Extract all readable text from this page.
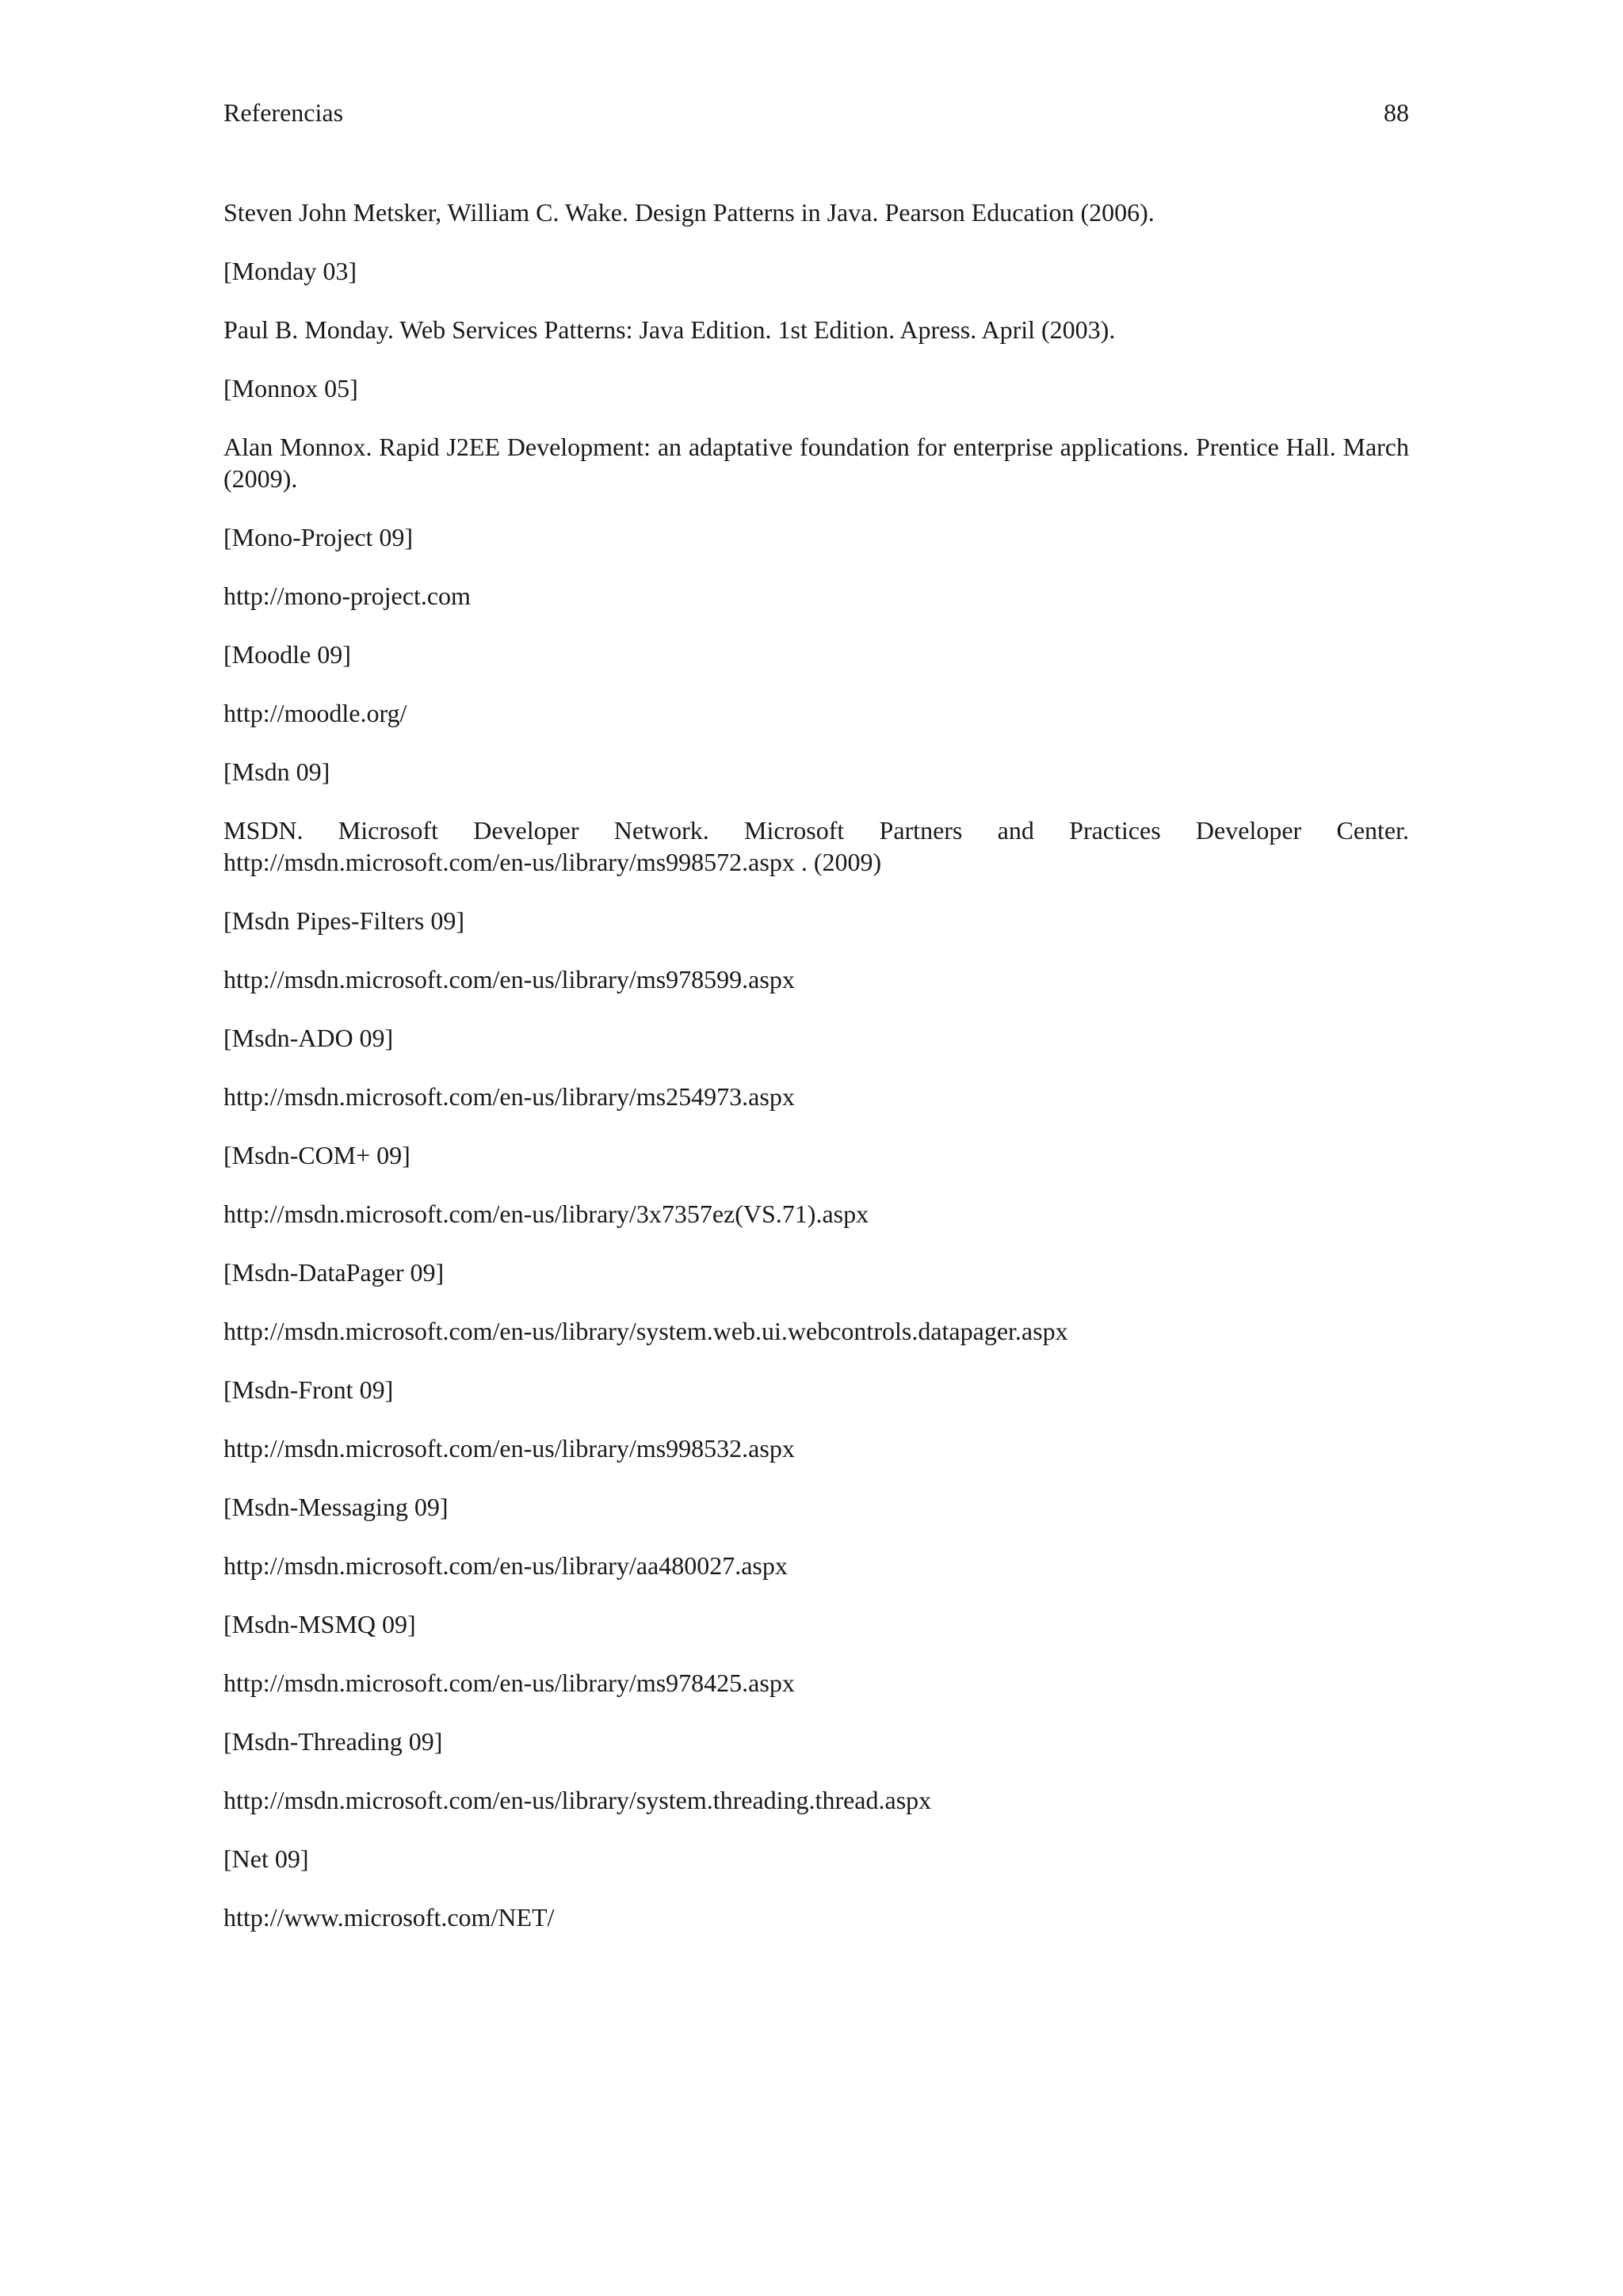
Referencias	88

Steven John Metsker, William C. Wake. Design Patterns in Java. Pearson Education (2006).

[Monday 03]

Paul B. Monday. Web Services Patterns: Java Edition. 1st Edition. Apress. April (2003).

[Monnox 05]

Alan Monnox. Rapid J2EE Development: an adaptative foundation for enterprise applications. Prentice Hall. March (2009).

[Mono-Project 09]

http://mono-project.com

[Moodle 09]

http://moodle.org/

[Msdn 09]

MSDN. Microsoft Developer Network. Microsoft Partners and Practices Developer Center. http://msdn.microsoft.com/en-us/library/ms998572.aspx . (2009)

[Msdn Pipes-Filters 09]

http://msdn.microsoft.com/en-us/library/ms978599.aspx

[Msdn-ADO 09]

http://msdn.microsoft.com/en-us/library/ms254973.aspx

[Msdn-COM+ 09]

http://msdn.microsoft.com/en-us/library/3x7357ez(VS.71).aspx

[Msdn-DataPager 09]

http://msdn.microsoft.com/en-us/library/system.web.ui.webcontrols.datapager.aspx

[Msdn-Front 09]

http://msdn.microsoft.com/en-us/library/ms998532.aspx

[Msdn-Messaging 09]

http://msdn.microsoft.com/en-us/library/aa480027.aspx

[Msdn-MSMQ 09]

http://msdn.microsoft.com/en-us/library/ms978425.aspx

[Msdn-Threading 09]

http://msdn.microsoft.com/en-us/library/system.threading.thread.aspx

[Net 09]

http://www.microsoft.com/NET/
